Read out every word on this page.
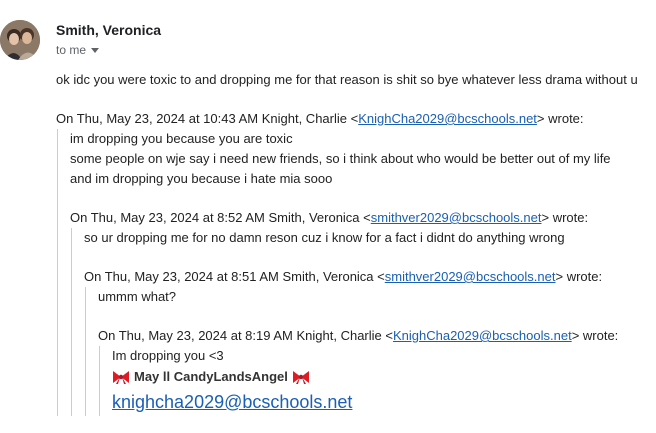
Smith, Veronica
to me
ok idc you were toxic to and dropping me for that reason is shit so bye whatever less drama without u
On Thu, May 23, 2024 at 10:43 AM Knight, Charlie <KnighCha2029@bcschools.net> wrote:
im dropping you because you are toxic
some people on wje say i need new friends, so i think about who would be better out of my life
and im dropping you because i hate mia sooo
On Thu, May 23, 2024 at 8:52 AM Smith, Veronica <smithver2029@bcschools.net> wrote:
so ur dropping me for no damn reson cuz i know for a fact i didnt do anything wrong
On Thu, May 23, 2024 at 8:51 AM Smith, Veronica <smithver2029@bcschools.net> wrote:
ummm what?
On Thu, May 23, 2024 at 8:19 AM Knight, Charlie <KnighCha2029@bcschools.net> wrote:
Im dropping you <3
May ll CandyLandsAngel
knighcha2029@bcschools.net
